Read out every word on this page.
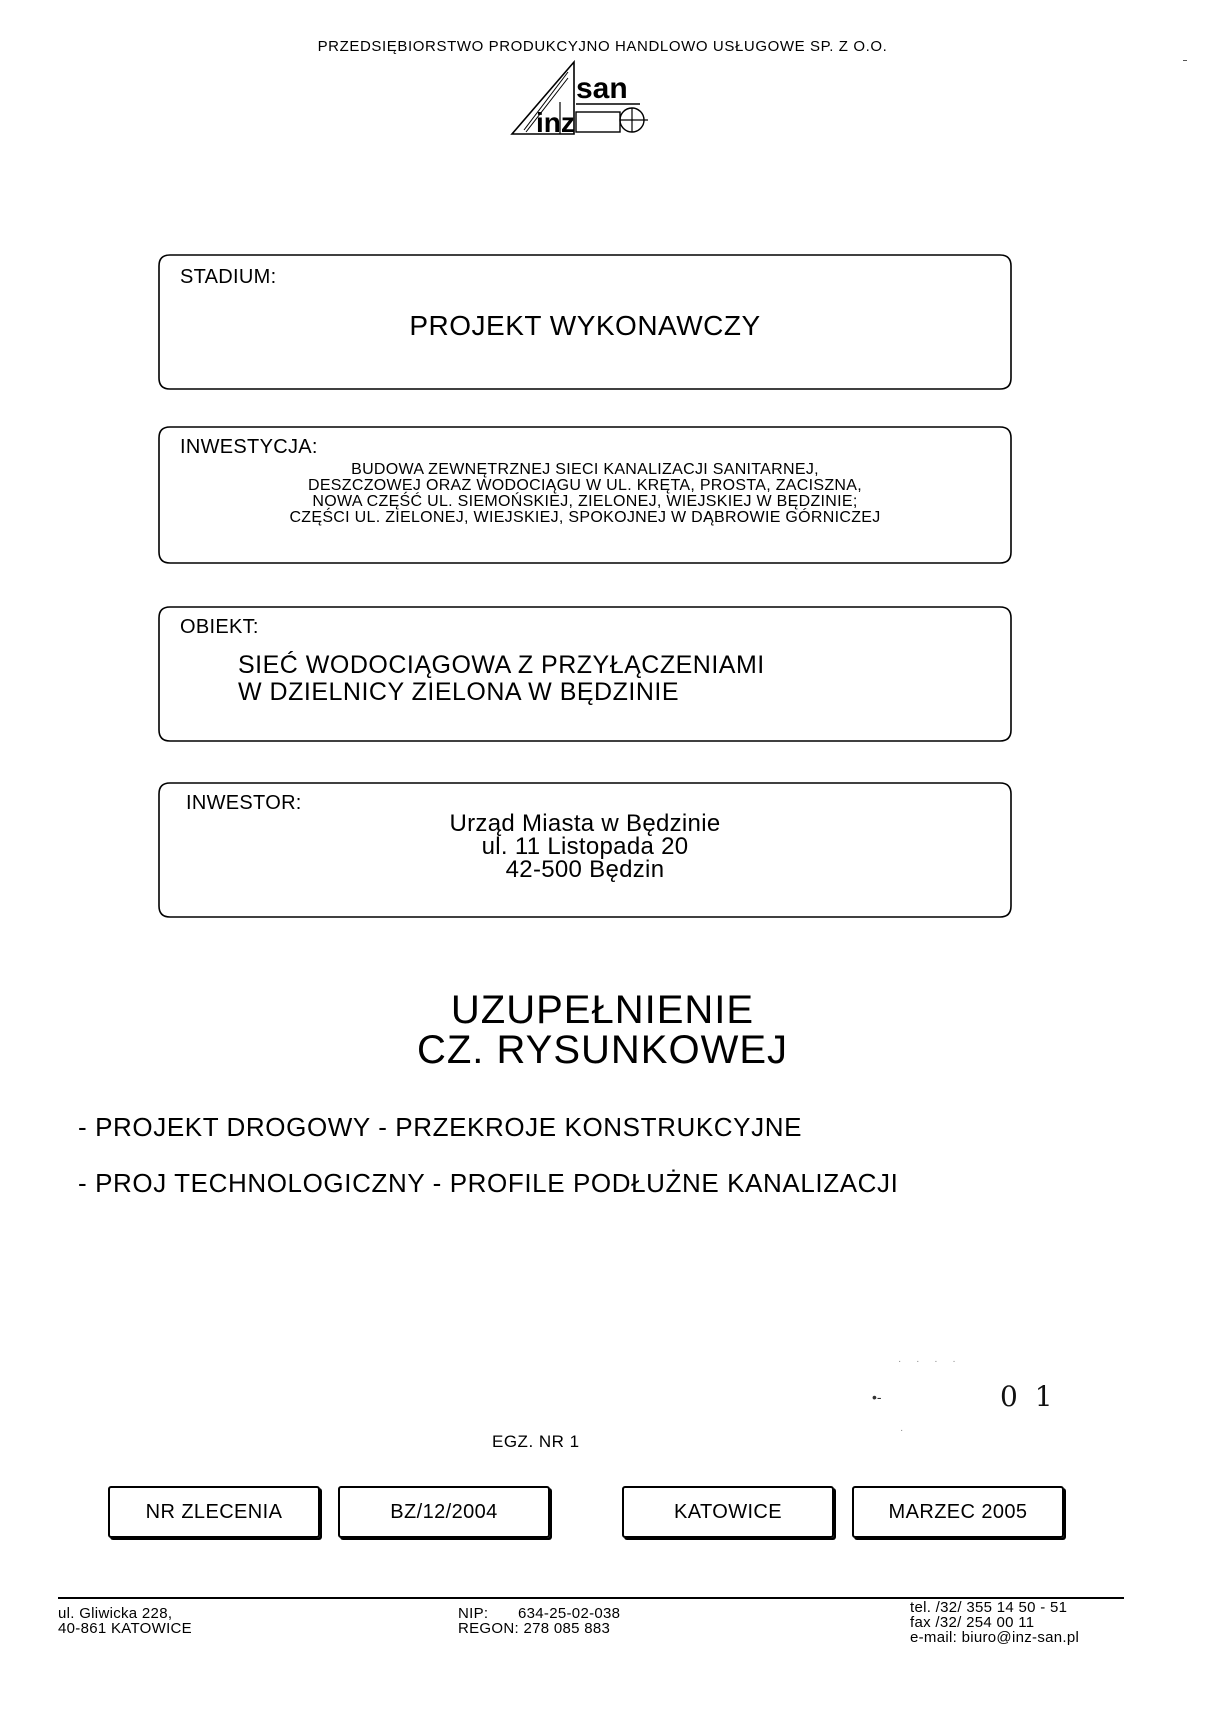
PRZEDSIĘBIORSTWO PRODUKCYJNO HANDLOWO USŁUGOWE SP. Z O.O.
san
inz
STADIUM:
PROJEKT WYKONAWCZY
INWESTYCJA:
BUDOWA ZEWNĘTRZNEJ SIECI KANALIZACJI SANITARNEJ,
DESZCZOWEJ ORAZ WODOCIĄGU W UL. KRĘTA, PROSTA, ZACISZNA,
NOWA CZĘŚĆ UL. SIEMOŃSKIEJ, ZIELONEJ, WIEJSKIEJ W BĘDZINIE;
CZĘŚCI UL. ZIELONEJ, WIEJSKIEJ, SPOKOJNEJ W DĄBROWIE GÓRNICZEJ
OBIEKT:
SIEĆ WODOCIĄGOWA Z PRZYŁĄCZENIAMI
W DZIELNICY ZIELONA W BĘDZINIE
INWESTOR:
Urząd Miasta w Będzinie
ul. 11 Listopada 20
42-500 Będzin
UZUPEŁNIENIE
CZ. RYSUNKOWEJ
- PROJEKT DROGOWY - PRZEKROJE KONSTRUKCYJNE
- PROJ TECHNOLOGICZNY - PROFILE PODŁUŻNE KANALIZACJI
· · · ·
•-	0 1
·
EGZ. NR 1
NR ZLECENIA	BZ/12/2004	KATOWICE	MARZEC 2005
ul. Gliwicka 228,
40-861 KATOWICE
NIP: 634-25-02-038
REGON: 278 085 883
tel. /32/ 355 14 50 - 51
fax /32/ 254 00 11
e-mail: biuro@inz-san.pl
